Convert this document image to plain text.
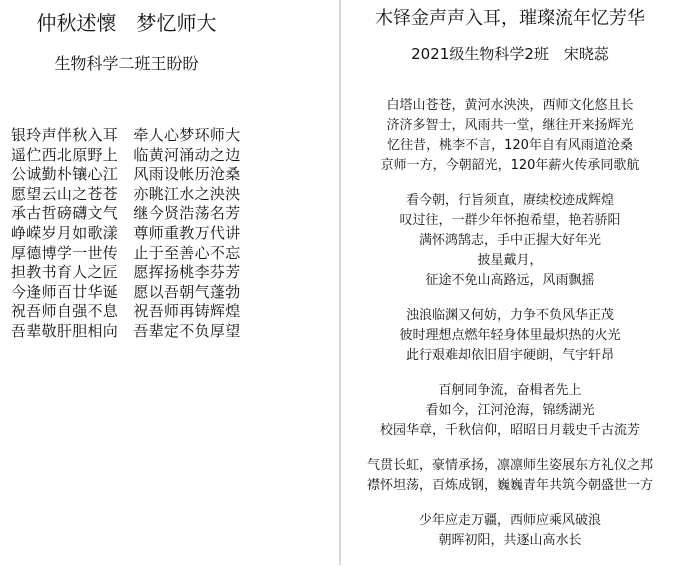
仲秋述懷　梦忆师大
生物科学二班王盼盼
银玲声伴秋入耳　牵人心梦环师大
遥伫西北原野上　临黄河涌动之边
公诚勤朴镶心江　风雨设帐历沧桑
愿望云山之苍苍　亦眺江水之泱泱
承古哲磅礴文气　继今贤浩荡名芳
峥嵘岁月如歌漾　尊师重教万代讲
厚德博学一世传　止于至善心不忘
担教书育人之匠　愿挥扬桃李芬芳
今逢师百廿华诞　愿以吾朝气蓬勃
祝吾师自强不息　祝吾师再铸辉煌
吾辈敬肝胆相向　吾辈定不负厚望
木铎金声声入耳，璀璨流年忆芳华
2021级生物科学2班　宋晓蕊
白塔山苍苍，黄河水泱泱，西师文化悠且长
济济多智士，风雨共一堂，继往开来扬辉光
忆往昔，桃李不言，120年自有风雨道沧桑
京师一方，今朝韶光，120年薪火传承同歌航
看今朝，行旨须直，赓续校迹成辉煌
叹过往，一群少年怀抱希望，艳若骄阳
满怀鸿鹄志，手中正握大好年光
披星戴月，
征途不免山高路远，风雨飘摇
浊浪临渊又何妨，力争不负风华正茂
彼时理想点燃年轻身体里最炽热的火光
此行艰难却依旧眉宇硬朗，气宇轩昂
百舸同争流，奋楫者先上
看如今，江河沧海，锦绣湖光
校园华章，千秋信仰，昭昭日月载史千古流芳
气贯长虹，豪情承扬，凛凛师生姿展东方礼仪之邦
襟怀坦荡，百炼成钢，巍巍青年共筑今朝盛世一方
少年应走万疆，西师应乘风破浪
朝晖初阳，共逐山高水长
